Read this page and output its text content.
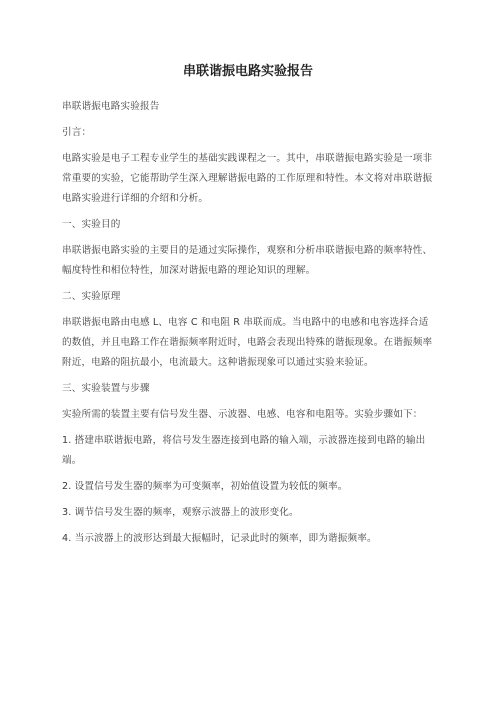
串联谐振电路实验报告
串联谐振电路实验报告
引言：
电路实验是电子工程专业学生的基础实践课程之一。其中，串联谐振电路实验是一项非常重要的实验，它能帮助学生深入理解谐振电路的工作原理和特性。本文将对串联谐振电路实验进行详细的介绍和分析。
一、实验目的
串联谐振电路实验的主要目的是通过实际操作，观察和分析串联谐振电路的频率特性、幅度特性和相位特性，加深对谐振电路的理论知识的理解。
二、实验原理
串联谐振电路由电感 L、电容 C 和电阻 R 串联而成。当电路中的电感和电容选择合适的数值，并且电路工作在谐振频率附近时，电路会表现出特殊的谐振现象。在谐振频率附近，电路的阻抗最小，电流最大。这种谐振现象可以通过实验来验证。
三、实验装置与步骤
实验所需的装置主要有信号发生器、示波器、电感、电容和电阻等。实验步骤如下：
1. 搭建串联谐振电路，将信号发生器连接到电路的输入端，示波器连接到电路的输出端。
2. 设置信号发生器的频率为可变频率，初始值设置为较低的频率。
3. 调节信号发生器的频率，观察示波器上的波形变化。
4. 当示波器上的波形达到最大振幅时，记录此时的频率，即为谐振频率。
